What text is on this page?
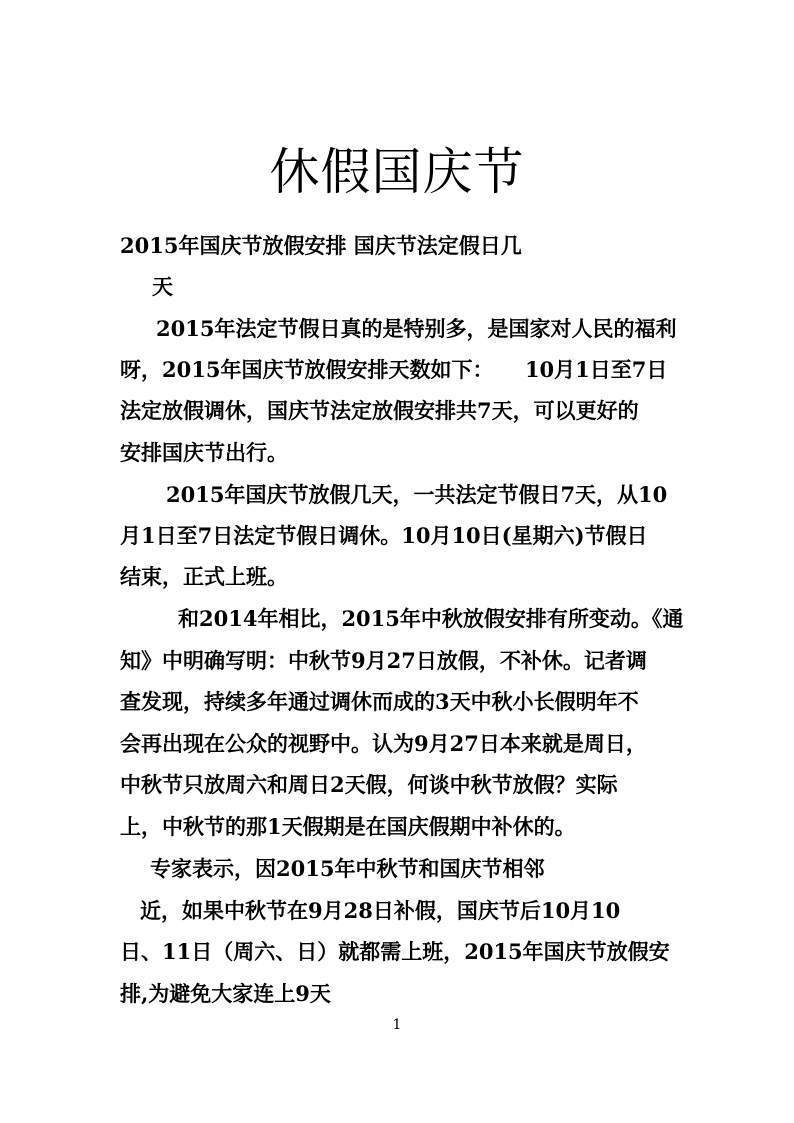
休假国庆节
2015年国庆节放假安排 国庆节法定假日几
天
2015年法定节假日真的是特别多，是国家对人民的福利
呀，2015年国庆节放假安排天数如下：　　10月1日至7日
法定放假调休，国庆节法定放假安排共7天，可以更好的
安排国庆节出行。
2015年国庆节放假几天，一共法定节假日7天，从10
月1日至7日法定节假日调休。10月10日(星期六)节假日
结束，正式上班。
和2014年相比，2015年中秋放假安排有所变动。《通
知》中明确写明：中秋节9月27日放假，不补休。记者调
查发现，持续多年通过调休而成的3天中秋小长假明年不
会再出现在公众的视野中。认为9月27日本来就是周日，
中秋节只放周六和周日2天假，何谈中秋节放假？实际
上，中秋节的那1天假期是在国庆假期中补休的。
专家表示，因2015年中秋节和国庆节相邻
近，如果中秋节在9月28日补假，国庆节后10月10
日、11日（周六、日）就都需上班，2015年国庆节放假安
排,为避免大家连上9天
1
